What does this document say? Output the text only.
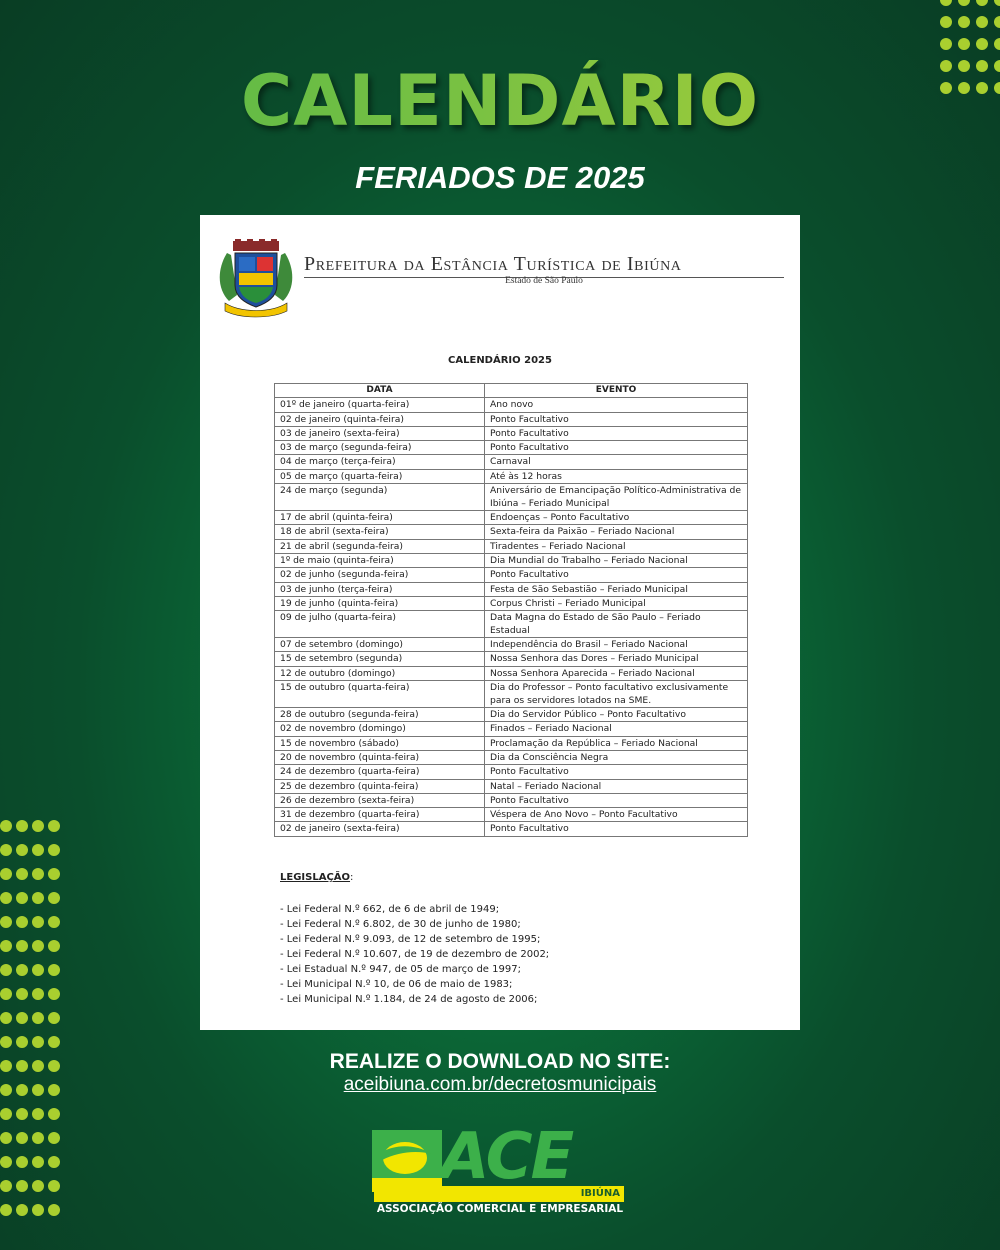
CALENDÁRIO
FERIADOS DE 2025
Prefeitura da Estância Turística de Ibiúna
Estado de São Paulo
CALENDÁRIO 2025
DATA	EVENTO
01º de janeiro (quarta-feira)	Ano novo
02 de janeiro (quinta-feira)	Ponto Facultativo
03 de janeiro (sexta-feira)	Ponto Facultativo
03 de março (segunda-feira)	Ponto Facultativo
04 de março (terça-feira)	Carnaval
05 de março (quarta-feira)	Até às 12 horas
24 de março (segunda)	Aniversário de Emancipação Político-Administrativa de Ibiúna – Feriado Municipal
17 de abril (quinta-feira)	Endoenças – Ponto Facultativo
18 de abril (sexta-feira)	Sexta-feira da Paixão – Feriado Nacional
21 de abril (segunda-feira)	Tiradentes – Feriado Nacional
1º de maio (quinta-feira)	Dia Mundial do Trabalho – Feriado Nacional
02 de junho (segunda-feira)	Ponto Facultativo
03 de junho (terça-feira)	Festa de São Sebastião – Feriado Municipal
19 de junho (quinta-feira)	Corpus Christi – Feriado Municipal
09 de julho (quarta-feira)	Data Magna do Estado de São Paulo – Feriado Estadual
07 de setembro (domingo)	Independência do Brasil – Feriado Nacional
15 de setembro (segunda)	Nossa Senhora das Dores – Feriado Municipal
12 de outubro (domingo)	Nossa Senhora Aparecida – Feriado Nacional
15 de outubro (quarta-feira)	Dia do Professor – Ponto facultativo exclusivamente para os servidores lotados na SME.
28 de outubro (segunda-feira)	Dia do Servidor Público – Ponto Facultativo
02 de novembro (domingo)	Finados – Feriado Nacional
15 de novembro (sábado)	Proclamação da República – Feriado Nacional
20 de novembro (quinta-feira)	Dia da Consciência Negra
24 de dezembro (quarta-feira)	Ponto Facultativo
25 de dezembro (quinta-feira)	Natal – Feriado Nacional
26 de dezembro (sexta-feira)	Ponto Facultativo
31 de dezembro (quarta-feira)	Véspera de Ano Novo – Ponto Facultativo
02 de janeiro (sexta-feira)	Ponto Facultativo
LEGISLAÇÃO:
- Lei Federal N.º 662, de 6 de abril de 1949;
- Lei Federal N.º 6.802, de 30 de junho de 1980;
- Lei Federal N.º 9.093, de 12 de setembro de 1995;
- Lei Federal N.º 10.607, de 19 de dezembro de 2002;
- Lei Estadual N.º 947, de 05 de março de 1997;
- Lei Municipal N.º 10, de 06 de maio de 1983;
- Lei Municipal N.º 1.184, de 24 de agosto de 2006;
REALIZE O DOWNLOAD NO SITE:
aceibiuna.com.br/decretosmunicipais
ACE IBIÚNA
ASSOCIAÇÃO COMERCIAL E EMPRESARIAL
